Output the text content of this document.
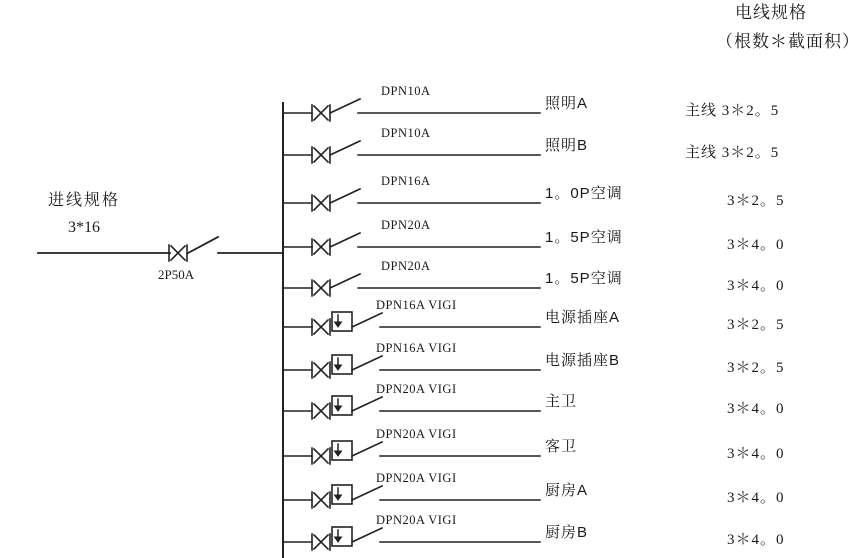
电线规格
（根数＊截面积）
进线规格
3*16
2P50A
DPN10A
DPN10A
DPN16A
DPN20A
DPN20A
DPN16A VIGI
DPN16A VIGI
DPN20A VIGI
DPN20A VIGI
DPN20A VIGI
DPN20A VIGI
照明A
照明B
1。0P空调
1。5P空调
1。5P空调
电源插座A
电源插座B
主卫
客卫
厨房A
厨房B
主线 3＊2。5
主线 3＊2。5
3＊2。5
3＊4。0
3＊4。0
3＊2。5
3＊2。5
3＊4。0
3＊4。0
3＊4。0
3＊4。0
